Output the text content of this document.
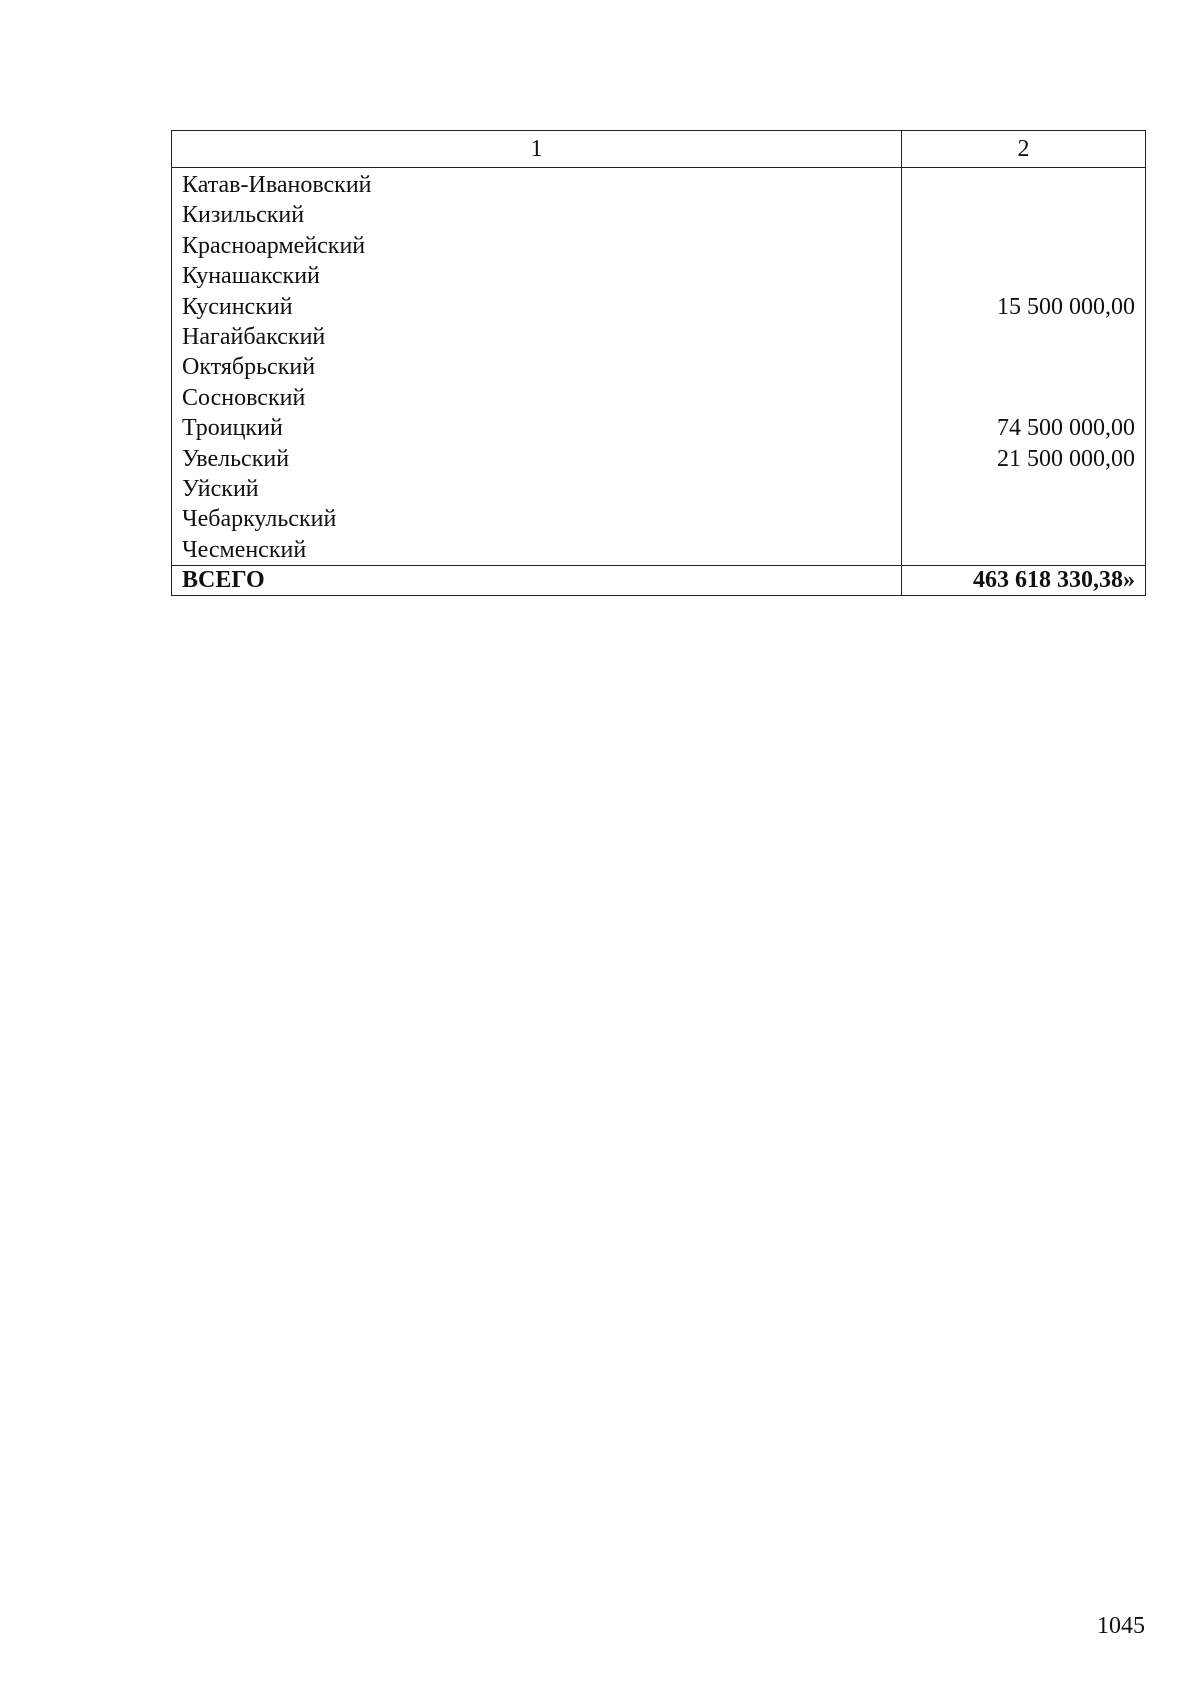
1	2
Катав-Ивановский	
Кизильский	
Красноармейский	
Кунашакский	
Кусинский	15 500 000,00
Нагайбакский	
Октябрьский	
Сосновский	
Троицкий	74 500 000,00
Увельский	21 500 000,00
Уйский	
Чебаркульский	
Чесменский	
ВСЕГО	463 618 330,38»
1045
